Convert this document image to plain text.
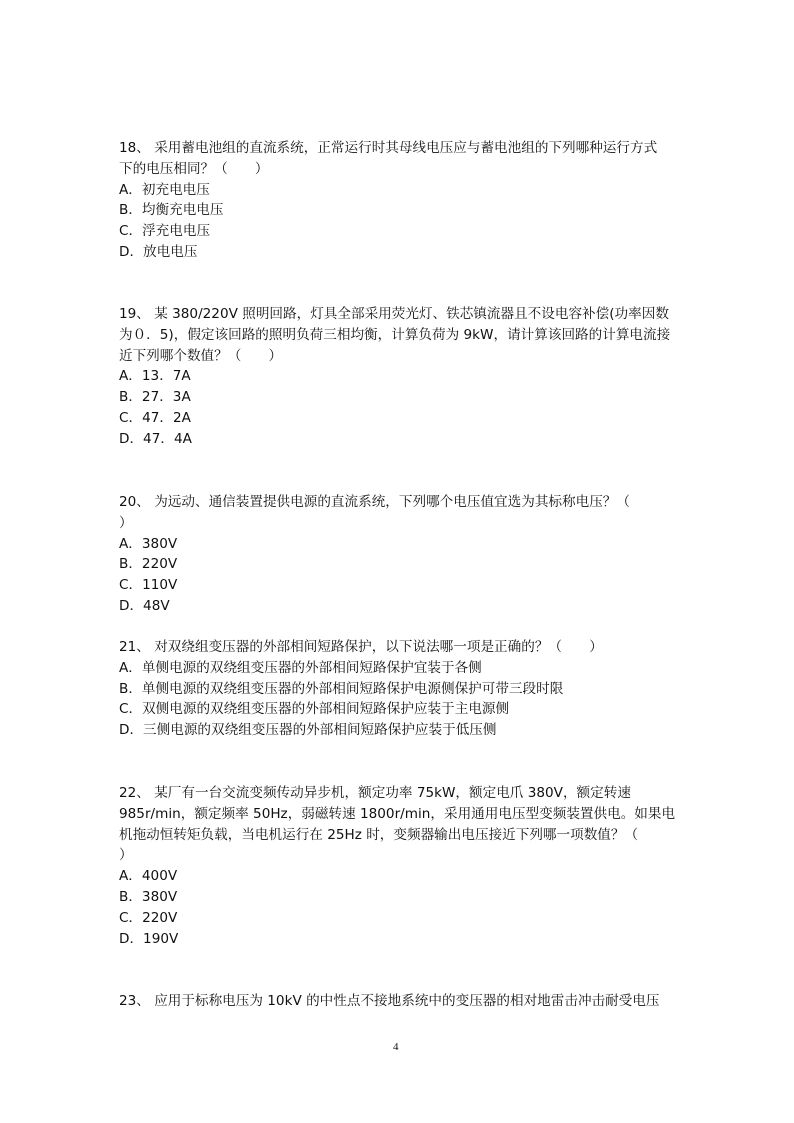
18、 采用蓄电池组的直流系统，正常运行时其母线电压应与蓄电池组的下列哪种运行方式
下的电压相同？（　　）
A．初充电电压
B．均衡充电电压
C．浮充电电压
D．放电电压
19、 某 380/220V 照明回路，灯具全部采用荧光灯、铁芯镇流器且不设电容补偿(功率因数
为０．5)，假定该回路的照明负荷三相均衡，计算负荷为 9kW，请计算该回路的计算电流接
近下列哪个数值？（　　）
A．13．7A
B．27．3A
C．47．2A
D．47．4A
20、 为远动、通信装置提供电源的直流系统，下列哪个电压值宜选为其标称电压？（
）
A．380V
B．220V
C．110V
D．48V
21、 对双绕组变压器的外部相间短路保护，以下说法哪一项是正确的？（　　）
A．单侧电源的双绕组变压器的外部相间短路保护宜装于各侧
B．单侧电源的双绕组变压器的外部相间短路保护电源侧保护可带三段时限
C．双侧电源的双绕组变压器的外部相间短路保护应装于主电源侧
D．三侧电源的双绕组变压器的外部相间短路保护应装于低压侧
22、 某厂有一台交流变频传动异步机，额定功率 75kW，额定电爪 380V，额定转速
985r/min，额定频率 50Hz，弱磁转速 1800r/min，采用通用电压型变频装置供电。如果电
机拖动恒转矩负载，当电机运行在 25Hz 时，变频器输出电压接近下列哪一项数值？（
）
A．400V
B．380V
C．220V
D．190V
23、 应用于标称电压为 10kV 的中性点不接地系统中的变压器的相对地雷击冲击耐受电压
4
